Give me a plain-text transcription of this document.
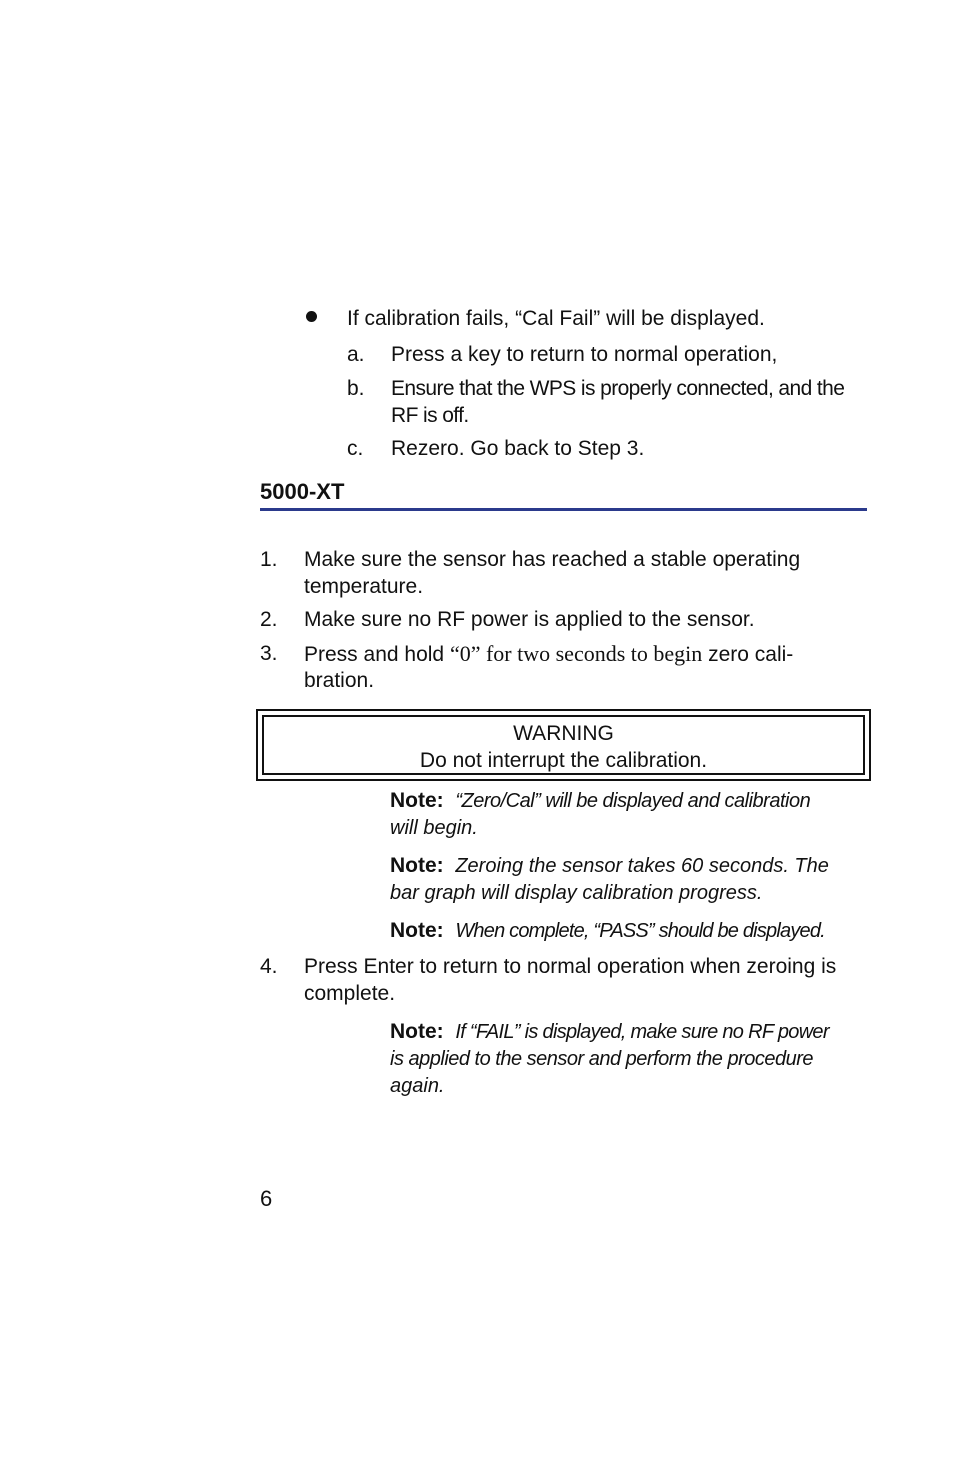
If calibration fails, “Cal Fail” will be displayed.
a. Press a key to return to normal operation,
b. Ensure that the WPS is properly connected, and the
RF is off.
c. Rezero. Go back to Step 3.
5000-XT
1. Make sure the sensor has reached a stable operating
temperature.
2. Make sure no RF power is applied to the sensor.
3. Press and hold “0” for two seconds to begin zero cali-
bration.
WARNING
Do not interrupt the calibration.
Note: “Zero/Cal” will be displayed and calibration
will begin.
Note: Zeroing the sensor takes 60 seconds. The
bar graph will display calibration progress.
Note: When complete, “PASS” should be displayed.
4. Press Enter to return to normal operation when zeroing is
complete.
Note: If “FAIL” is displayed, make sure no RF power
is applied to the sensor and perform the procedure
again.
6
